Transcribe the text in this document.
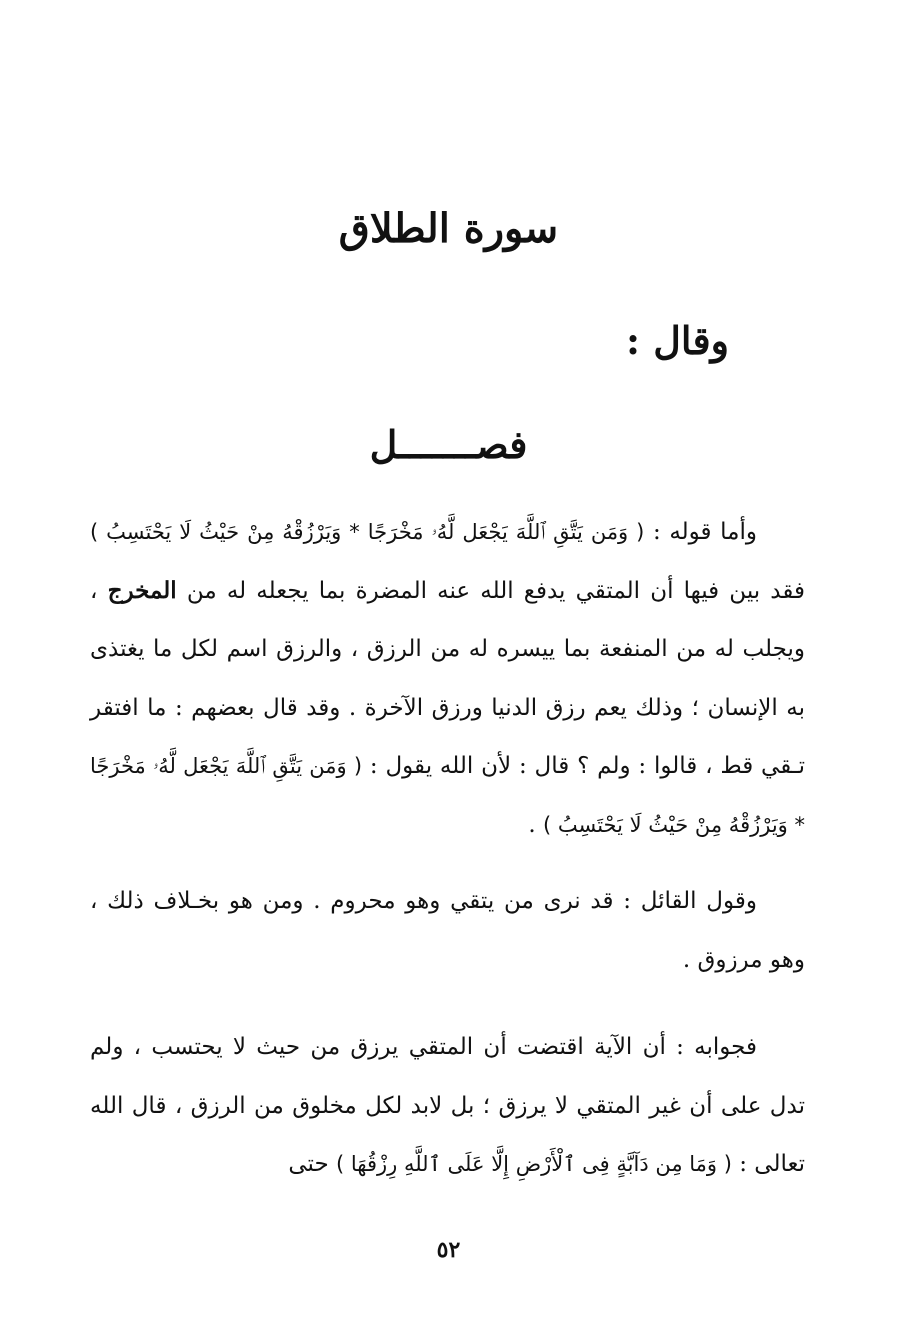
سورة الطلاق
وقال :
فصـــــــل
وأما قوله : ( وَمَن يَتَّقِ ٱللَّهَ يَجْعَل لَّهُۥ مَخْرَجًا * وَيَرْزُقْهُ مِنْ حَيْثُ لَا يَحْتَسِبُ ) فقد بين فيها أن المتقي يدفع الله عنه المضرة بما يجعله له من المخرج ، ويجلب له من المنفعة بما ييسره له من الرزق ، والرزق اسم لكل ما يغتذى به الإنسان ؛ وذلك يعم رزق الدنيا ورزق الآخرة . وقد قال بعضهم : ما افتقر تـقي قط ، قالوا : ولم ؟ قال : لأن الله يقول : ( وَمَن يَتَّقِ ٱللَّهَ يَجْعَل لَّهُۥ مَخْرَجًا * وَيَرْزُقْهُ مِنْ حَيْثُ لَا يَحْتَسِبُ ) .
وقول القائل : قد نرى من يتقي وهو محروم . ومن هو بخـلاف ذلك ، وهو مرزوق .
فجوابه : أن الآية اقتضت أن المتقي يرزق من حيث لا يحتسب ، ولم تدل على أن غير المتقي لا يرزق ؛ بل لابد لكل مخلوق من الرزق ، قال الله تعالى : ( وَمَا مِن دَآبَّةٍ فِى ٱلْأَرْضِ إِلَّا عَلَى ٱللَّهِ رِزْقُهَا ) حتى
٥٢
